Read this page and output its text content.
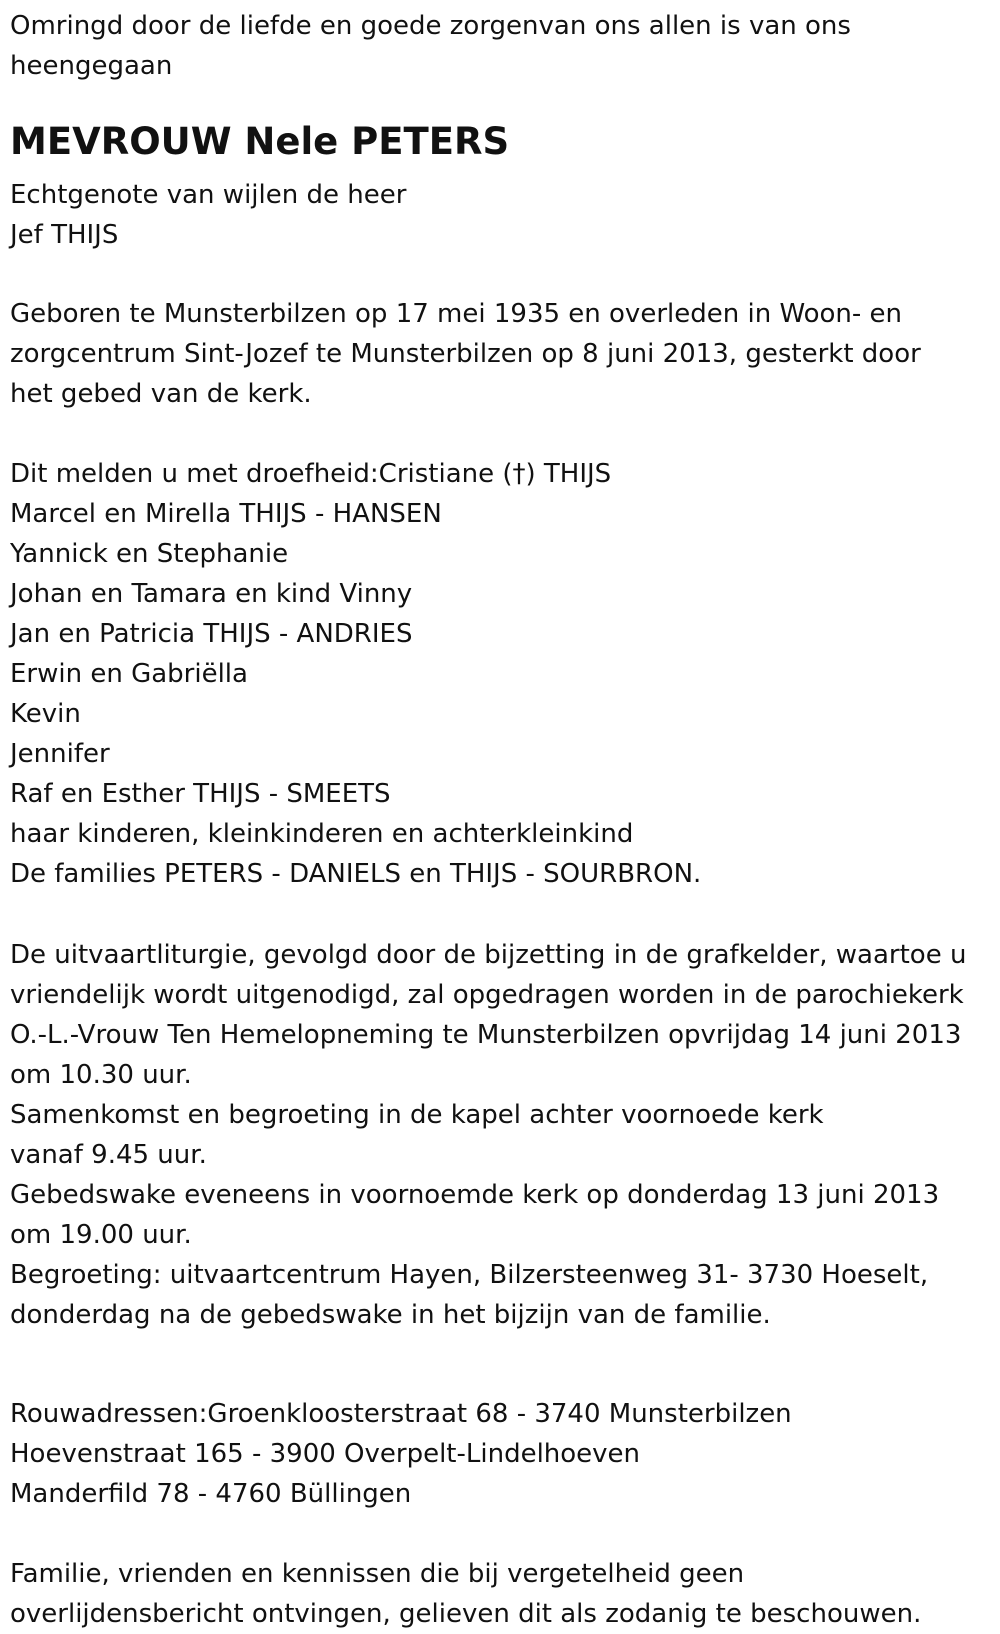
Omringd door de liefde en goede zorgenvan ons allen is van ons
heengegaan

MEVROUW Nele PETERS

Echtgenote van wijlen de heer
Jef THIJS

Geboren te Munsterbilzen op 17 mei 1935 en overleden in Woon- en
zorgcentrum Sint-Jozef te Munsterbilzen op 8 juni 2013, gesterkt door
het gebed van de kerk.

Dit melden u met droefheid:Cristiane (†) THIJS
Marcel en Mirella THIJS - HANSEN
Yannick en Stephanie
Johan en Tamara en kind Vinny
Jan en Patricia THIJS - ANDRIES
Erwin en Gabriëlla
Kevin
Jennifer
Raf en Esther THIJS - SMEETS
haar kinderen, kleinkinderen en achterkleinkind
De families PETERS - DANIELS en THIJS - SOURBRON.

De uitvaartliturgie, gevolgd door de bijzetting in de grafkelder, waartoe u
vriendelijk wordt uitgenodigd, zal opgedragen worden in de parochiekerk
O.-L.-Vrouw Ten Hemelopneming te Munsterbilzen opvrijdag 14 juni 2013
om 10.30 uur.
Samenkomst en begroeting in de kapel achter voornoede kerk
vanaf 9.45 uur.
Gebedswake eveneens in voornoemde kerk op donderdag 13 juni 2013
om 19.00 uur.
Begroeting: uitvaartcentrum Hayen, Bilzersteenweg 31- 3730 Hoeselt,
donderdag na de gebedswake in het bijzijn van de familie.

Rouwadressen:Groenkloosterstraat 68 - 3740 Munsterbilzen
Hoevenstraat 165 - 3900 Overpelt-Lindelhoeven
Manderfild 78 - 4760 Büllingen

Familie, vrienden en kennissen die bij vergetelheid geen
overlijdensbericht ontvingen, gelieven dit als zodanig te beschouwen.
